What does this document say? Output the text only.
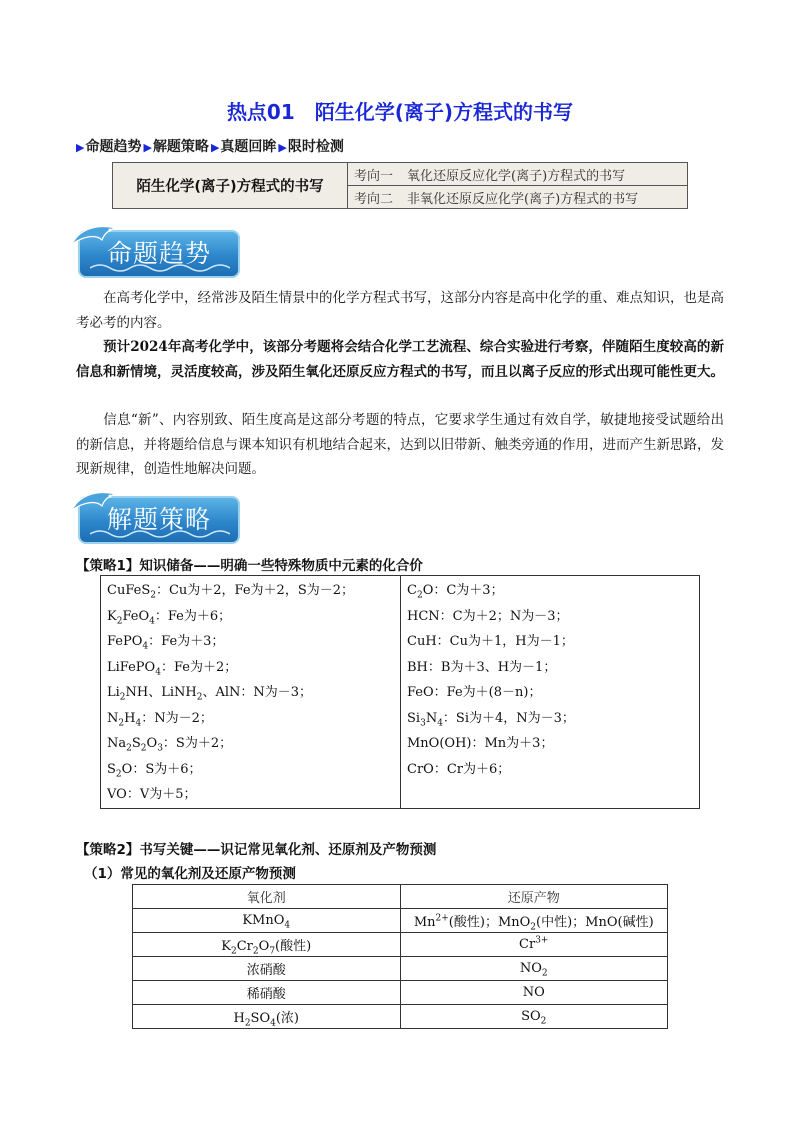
热点01　陌生化学(离子)方程式的书写
▶命题趋势 ▶解题策略 ▶真题回眸 ▶限时检测
陌生化学(离子)方程式的书写	考向一 氧化还原反应化学(离子)方程式的书写
考向二 非氧化还原反应化学(离子)方程式的书写
命题趋势
在高考化学中，经常涉及陌生情景中的化学方程式书写，这部分内容是高中化学的重、难点知识，也是高考必考的内容。
预计2024年高考化学中，该部分考题将会结合化学工艺流程、综合实验进行考察，伴随陌生度较高的新信息和新情境，灵活度较高，涉及陌生氧化还原反应方程式的书写，而且以离子反应的形式出现可能性更大。
信息“新”、内容别致、陌生度高是这部分考题的特点，它要求学生通过有效自学，敏捷地接受试题给出的新信息，并将题给信息与课本知识有机地结合起来，达到以旧带新、触类旁通的作用，进而产生新思路，发现新规律，创造性地解决问题。
解题策略
【策略1】知识储备——明确一些特殊物质中元素的化合价
CuFeS$_2$：Cu为＋2，Fe为＋2，S为－2；
$K_2FeO_4$：Fe为＋6；
FePO$_4$：Fe为＋3；
LiFePO$_4$：Fe为＋2；
$Li_2NH$、LiNH$_2$、AlN：N为－3；
$N_2H_4$：N为－2；
$Na_2S_2O_3$：S为＋2；
$S_2O$：S为＋6；
VO：V为＋5；

$C_2O$：C为＋3；
HCN：C为＋2；N为－3；
CuH：Cu为＋1，H为－1；
BH：B为＋3、H为－1；
FeO：Fe为＋(8－n)；
$Si_3N_4$：Si为＋4，N为－3；
MnO(OH)：Mn为＋3；
CrO：Cr为＋6；
【策略2】书写关键——识记常见氧化剂、还原剂及产物预测
（1）常见的氧化剂及还原产物预测
氧化剂	还原产物
KMnO$_4$	$Mn^{2+}$(酸性)；MnO$_2$(中性)；MnO(碱性)
$K_2Cr_2O_7$(酸性)	$Cr^{3+}$
浓硝酸	$NO_2$
稀硝酸	NO
$H_2SO_4$(浓)	$SO_2$
